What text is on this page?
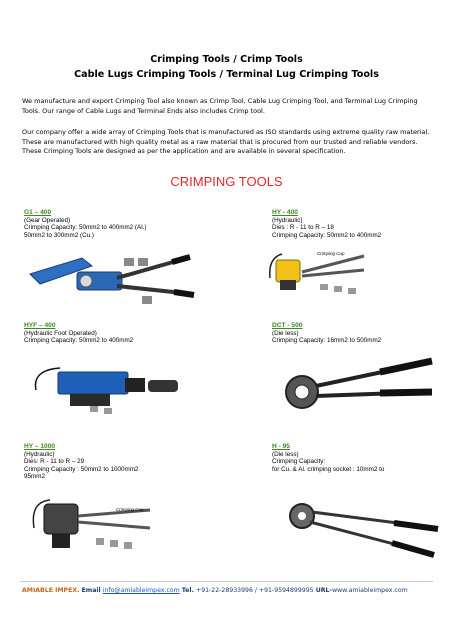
Crimping Tools / Crimp Tools
Cable Lugs Crimping Tools / Terminal Lug Crimping Tools
We manufacture and export Crimping Tool also known as Crimp Tool, Cable Lug Crimping Tool, and Terminal Lug Crimping Tools. Our range of Cable Lugs and Terminal Ends also includes Crimp tool.
Our company offer a wide array of Crimping Tools that is manufactured as ISO standards using extreme quality raw material. These are manufactured with high quality metal as a raw material that is procured from our trusted and reliable vendors. These Crimping Tools are designed as per the application and are available in several specification.
CRIMPING TOOLS
G1 – 400
(Gear Operated)
Crimping Capacity: 50mm2 to 400mm2 (Al.)
50mm2 to 300mm2 (Cu.)
HY - 400
(Hydraulic)
Dies : R - 11 to R – 18
Crimping Capacity: 50mm2 to 400mm2
Crimping Cup
HYF – 400
(Hydraulic Foot Operated)
Crimping Capacity: 50mm2 to 400mm2
DCT - 500
(Die less)
Crimping Capacity: 16mm2 to 500mm2
HY – 1000
(Hydraulic)
Dies: R - 11 to R – 29
Crimping Capacity : 50mm2 to 1000mm2
95mm2
Crimping Cup
H - 95
(Die less)
Crimping Capacity:
for Cu. & Al. crimping socket : 10mm2 to
AMIABLE IMPEX. Email info@amiableimpex.com Tel. +91-22-28933996 / +91-9594899995 URL-www.amiableimpex.com
